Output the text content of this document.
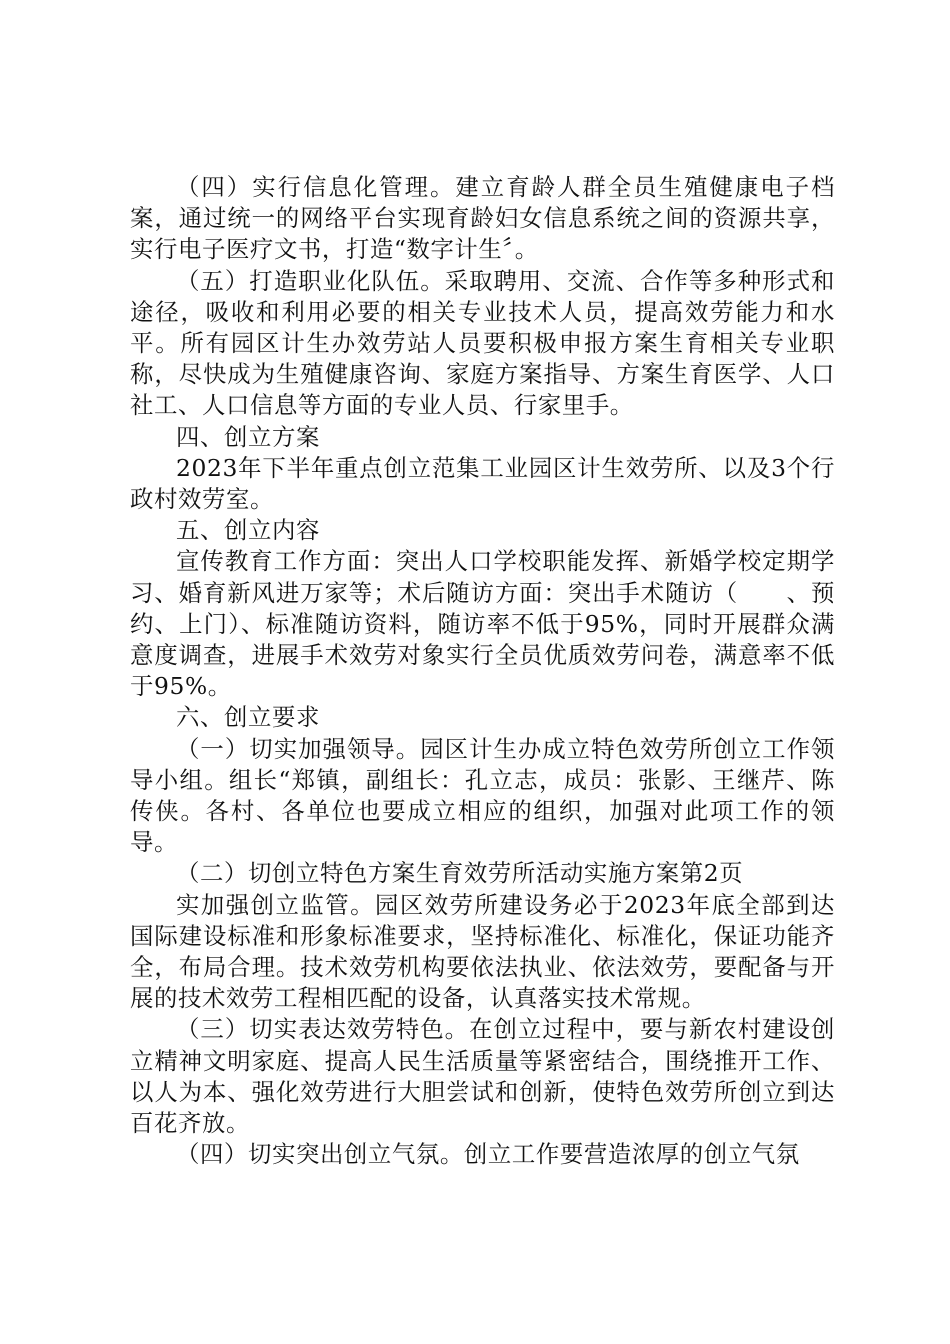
（四）实行信息化管理。建立育龄人群全员生殖健康电子档案，通过统一的网络平台实现育龄妇女信息系统之间的资源共享，实行电子医疗文书，打造“数字计生〞。

（五）打造职业化队伍。采取聘用、交流、合作等多种形式和途径，吸收和利用必要的相关专业技术人员，提高效劳能力和水平。所有园区计生办效劳站人员要积极申报方案生育相关专业职称，尽快成为生殖健康咨询、家庭方案指导、方案生育医学、人口社工、人口信息等方面的专业人员、行家里手。

四、创立方案

2023年下半年重点创立范集工业园区计生效劳所、以及3个行政村效劳室。

五、创立内容

宣传教育工作方面：突出人口学校职能发挥、新婚学校定期学习、婚育新风进万家等；术后随访方面：突出手术随访（　　、预约、上门）、标准随访资料，随访率不低于95%，同时开展群众满意度调查，进展手术效劳对象实行全员优质效劳问卷，满意率不低于95%。

六、创立要求

（一）切实加强领导。园区计生办成立特色效劳所创立工作领导小组。组长“郑镇，副组长：孔立志，成员：张影、王继芹、陈传侠。各村、各单位也要成立相应的组织，加强对此项工作的领导。

（二）切创立特色方案生育效劳所活动实施方案第2页

实加强创立监管。园区效劳所建设务必于2023年底全部到达国际建设标准和形象标准要求，坚持标准化、标准化，保证功能齐全，布局合理。技术效劳机构要依法执业、依法效劳，要配备与开展的技术效劳工程相匹配的设备，认真落实技术常规。

（三）切实表达效劳特色。在创立过程中，要与新农村建设创立精神文明家庭、提高人民生活质量等紧密结合，围绕推开工作、以人为本、强化效劳进行大胆尝试和创新，使特色效劳所创立到达百花齐放。

（四）切实突出创立气氛。创立工作要营造浓厚的创立气氛
